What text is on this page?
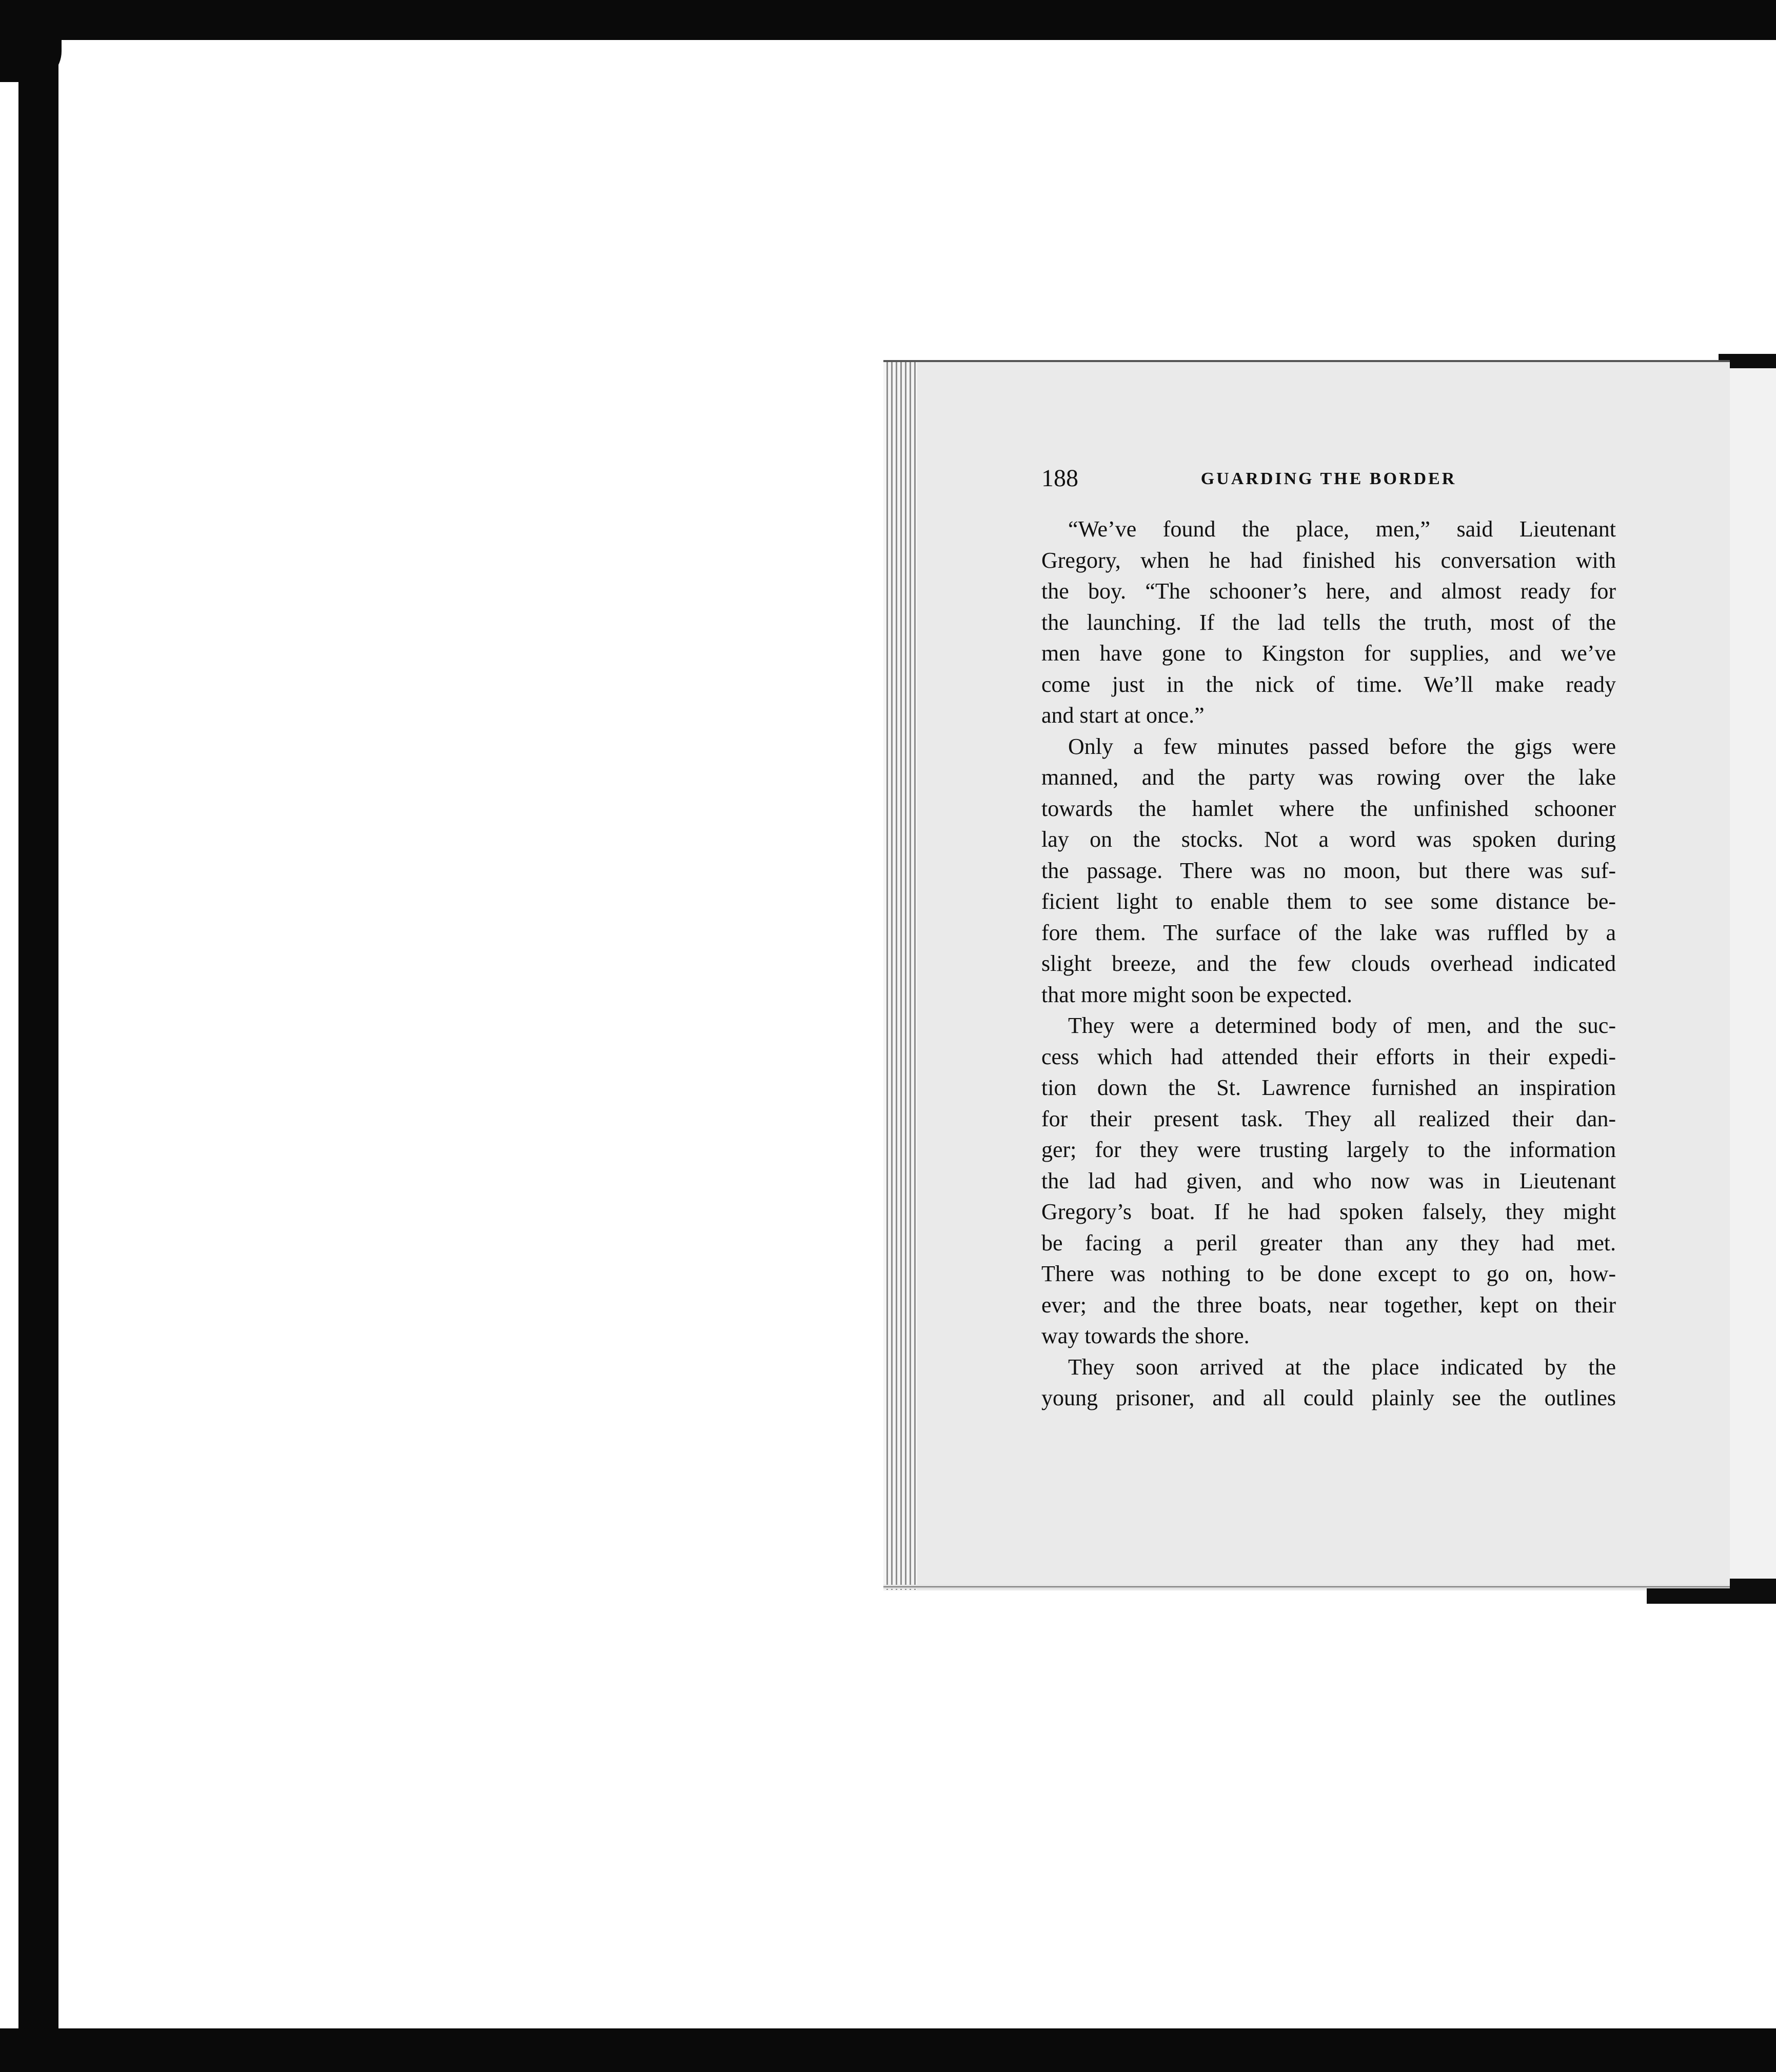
188	GUARDING THE BORDER
“We’ve found the place, men,” said Lieutenant
Gregory, when he had finished his conversation with
the boy. “The schooner’s here, and almost ready for
the launching. If the lad tells the truth, most of the
men have gone to Kingston for supplies, and we’ve
come just in the nick of time. We’ll make ready
and start at once.”
Only a few minutes passed before the gigs were
manned, and the party was rowing over the lake
towards the hamlet where the unfinished schooner
lay on the stocks. Not a word was spoken during
the passage. There was no moon, but there was suf-
ficient light to enable them to see some distance be-
fore them. The surface of the lake was ruffled by a
slight breeze, and the few clouds overhead indicated
that more might soon be expected.
They were a determined body of men, and the suc-
cess which had attended their efforts in their expedi-
tion down the St. Lawrence furnished an inspiration
for their present task. They all realized their dan-
ger; for they were trusting largely to the information
the lad had given, and who now was in Lieutenant
Gregory’s boat. If he had spoken falsely, they might
be facing a peril greater than any they had met.
There was nothing to be done except to go on, how-
ever; and the three boats, near together, kept on their
way towards the shore.
They soon arrived at the place indicated by the
young prisoner, and all could plainly see the outlines
